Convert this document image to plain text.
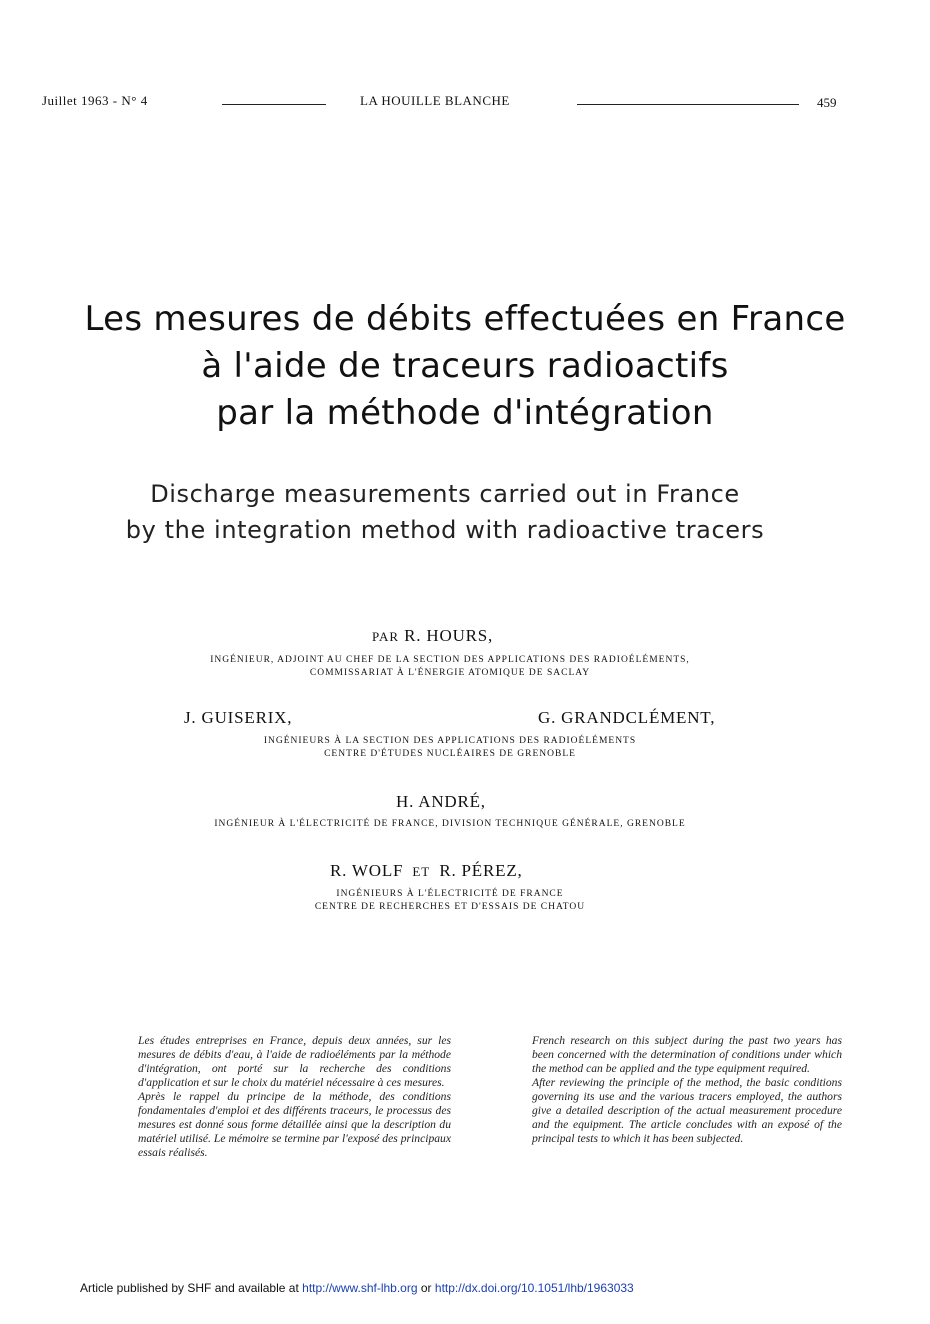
Juillet 1963 - N° 4	LA HOUILLE BLANCHE	459
Les mesures de débits effectuées en France
à l'aide de traceurs radioactifs
par la méthode d'intégration
Discharge measurements carried out in France
by the integration method with radioactive tracers
PAR R. HOURS,
INGÉNIEUR, ADJOINT AU CHEF DE LA SECTION DES APPLICATIONS DES RADIOÉLÉMENTS,
COMMISSARIAT À L'ÉNERGIE ATOMIQUE DE SACLAY
J. GUISERIX,	G. GRANDCLÉMENT,
INGÉNIEURS À LA SECTION DES APPLICATIONS DES RADIOÉLÉMENTS
CENTRE D'ÉTUDES NUCLÉAIRES DE GRENOBLE
H. ANDRÉ,
INGÉNIEUR À L'ÉLECTRICITÉ DE FRANCE, DIVISION TECHNIQUE GÉNÉRALE, GRENOBLE
R. WOLF ET R. PÉREZ,
INGÉNIEURS À L'ÉLECTRICITÉ DE FRANCE
CENTRE DE RECHERCHES ET D'ESSAIS DE CHATOU

Les études entreprises en France, depuis deux années, sur les mesures de débits d'eau, à l'aide de radioéléments par la méthode d'intégration, ont porté sur la recherche des conditions d'application et sur le choix du matériel nécessaire à ces mesures.

Après le rappel du principe de la méthode, des conditions fondamentales d'emploi et des différents traceurs, le processus des mesures est donné sous forme détaillée ainsi que la description du matériel utilisé. Le mémoire se termine par l'exposé des principaux essais réalisés.

French research on this subject during the past two years has been concerned with the determination of conditions under which the method can be applied and the type equipment required.

After reviewing the principle of the method, the basic conditions governing its use and the various tracers employed, the authors give a detailed description of the actual measurement procedure and the equipment. The article concludes with an exposé of the principal tests to which it has been subjected.

Article published by SHF and available at http://www.shf-lhb.org or http://dx.doi.org/10.1051/lhb/1963033
